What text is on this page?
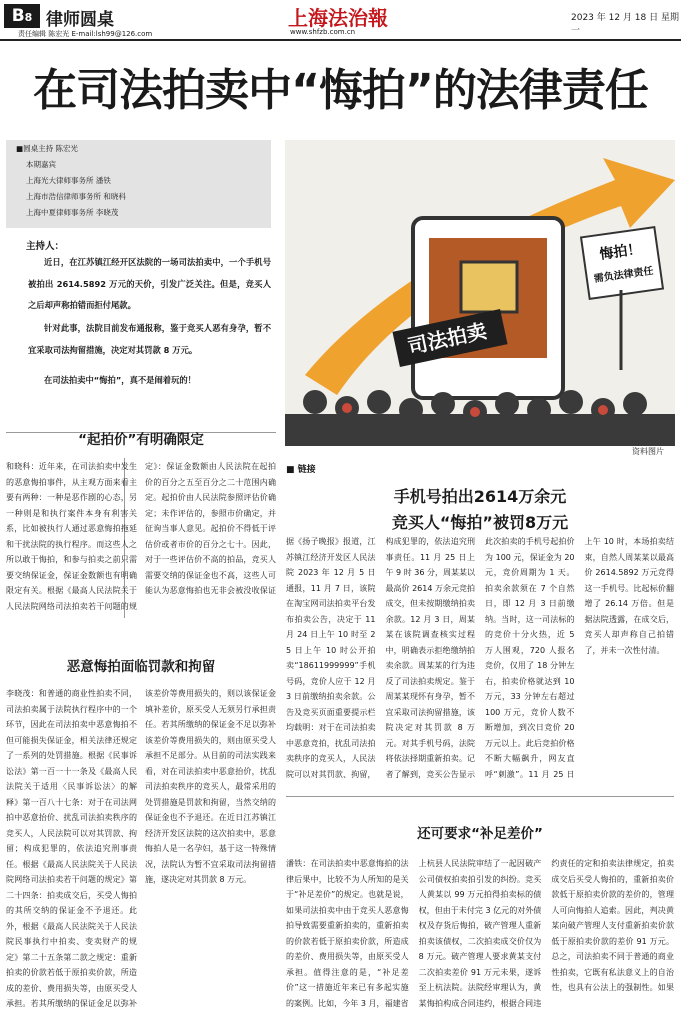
B8 律师圆桌
责任编辑 陈宏光 E-mail:lsh99@126.com
上海法治報
www.shfzb.com.cn
2023 年 12 月 18 日 星期一
在司法拍卖中“悔拍”的法律责任
■圆桌主持 陈宏光
本期嘉宾
上海光大律师事务所 潘铁
上海市浩信律师事务所 和晓科
上海中夏律师事务所 李晓茂
主持人：
近日，在江苏镇江经开区法院的一场司法拍卖中，一个手机号被拍出 2614.5892 万元的天价，引发广泛关注。但是，竞买人之后却声称拍错而拒付尾款。
针对此事，法院目前发布通报称，鉴于竞买人恶有身孕，暂不宜采取司法拘留措施，决定对其罚款 8 万元。
在司法拍卖中“悔拍”，真不是闹着玩的！
司法拍卖
悔拍！
需负法律责任
资料图片
■ 链接
手机号拍出2614万余元
竞买人“悔拍”被罚8万元
据《扬子晚报》报道，江苏镇江经济开发区人民法院 2023 年 12 月 5 日通报，11 月 7 日，该院在淘宝网司法拍卖平台发布拍卖公告，决定于 11 月 24 日上午 10 时至 25 日上午 10 时公开拍卖“18611999999”手机号码，竞价人应于 12 月 3 日前缴纳拍卖余款。公告及竞买页面重要提示栏均载明：对于在司法拍卖中恶意竞拍，扰乱司法拍卖秩序的竞买人，人民法院可以对其罚款、拘留，构成犯罪的，依法追究刑事责任。11 月 25 日上午 9 时 36 分，周某某以最高价 2614 万余元竞拍成交，但未按期缴纳拍卖余款。12 月 3 日，周某某在该院调查核实过程中，明确表示拒绝缴纳拍卖余款。周某某的行为违反了司法拍卖规定。鉴于周某某现怀有身孕，暂不宜采取司法拘留措施，该院决定对其罚款 8 万元。对其手机号码，法院将依法择期重新拍卖。记者了解到，竞买公告显示此次拍卖的手机号起拍价为 100 元，保证金为 20 元，竞价周期为 1 天。拍卖余款须在 7 个自然日，即 12 月 3 日前缴纳。当时，这一司法标的的竞价十分火热，近 5 万人围观，720 人报名竞价，仅用了 18 分钟左右，拍卖价格就达到 10 万元，33 分钟左右超过 100 万元，竞价人数不断增加，到次日竞价 20 万元以上。此后竞拍价格不断大幅飙升，网友直呼“刺激”。11 月 25 日上午 10 时，本场拍卖结束，自然人周某某以最高价 2614.5892 万元竞得这一手机号。比起标价翻增了 26.14 万倍。但是据法院透露，在成交后，竞买人却声称自己拍错了，并未一次性付清。
“起拍价”有明确限定
和晓科：近年来，在司法拍卖中发生的恶意悔拍事件，从主观方面来看主要有两种：一种是恶作剧的心态，另一种则是和执行案件本身有利害关系，比如被执行人通过恶意悔拍拖延和干扰法院的执行程序。而这些人之所以敢于悔拍，和参与拍卖之前只需要交纳保证金，保证金数额也有明确限定有关。根据《最高人民法院关于人民法院网络司法拍卖若干问题的规定》：保证金数额由人民法院在起拍价的百分之五至百分之二十范围内确定。起拍价由人民法院参照评估价确定；未作评估的，参照市价确定，并征询当事人意见。起拍价不得低于评估价或者市价的百分之七十。因此，对于一些评估价不高的拍品，竞买人需要交纳的保证金也不高，这些人可能认为恶意悔拍也无非会被没收保证
恶意悔拍面临罚款和拘留
李晓茂：和普通的商业性拍卖不同，司法拍卖属于法院执行程序中的一个环节，因此在司法拍卖中恶意悔拍不但可能损失保证金，相关法律还规定了一系列的处罚措施。根据《民事诉讼法》第一百一十一条及《最高人民法院关于适用〈民事诉讼法〉的解释》第一百八十七条：对于在司法网拍中恶意抬价、扰乱司法拍卖秩序的竞买人，人民法院可以对其罚款、拘留；构成犯罪的，依法追究刑事责任。根据《最高人民法院关于人民法院网络司法拍卖若干问题的规定》第二十四条：拍卖成交后，买受人悔拍的其所交纳的保证金不予退还。此外，根据《最高人民法院关于人民法院民事执行中拍卖、变卖财产的规定》第二十五条第二款之规定：重新拍卖的价款若低于原拍卖价款，所造成的差价、费用损失等，由原买受人承担。若其所缴纳的保证金足以弥补该差价等费用损失的，则以该保证金填补差价，原买受人无须另行承担责任。若其所缴纳的保证金不足以弥补该差价等费用损失的，则由原买受人承担不足部分。从目前的司法实践来看，对在司法拍卖中恶意抬价，扰乱司法拍卖秩序的竞买人，最常采用的处罚措施是罚款和拘留，当然交纳的保证金也不予退还。在近日江苏镇江经济开发区法院的这次拍卖中，恶意悔拍人是一名孕妇，基于这一特殊情况，法院认为暂不宜采取司法拘留措施，遂决定对其罚款 8 万元。
还可要求“补足差价”
潘铁：在司法拍卖中恶意悔拍的法律后果中，比较不为人所知的是关于“补足差价”的规定。也就是说，如果司法拍卖中由于竞买人恶意悔拍导致需要重新拍卖的，重新拍卖的价款若低于原拍卖价款，所造成的差价、费用损失等，由原买受人承担。值得注意的是，“补足差价”这一措施近年来已有多起实施的案例。比如，今年 3 月，福建省上杭县人民法院审结了一起因破产公司债权拍卖拍引发的纠纷。竞买人黄某以 99 万元拍得拍卖标的债权，但由于未付完 3 亿元的对外债权及存货后悔拍，破产管理人重新拍卖该债权，二次拍卖成交价仅为 8 万元。破产管理人要求黄某支付二次拍卖差价 91 万元未果，遂诉至上杭法院。法院经审理认为，黄某悔拍构成合同违约，根据合同违约责任的定和拍卖法律规定，拍卖成交后买受人悔拍的，重新拍卖价款低于原拍卖价款的差价的，管理人可向悔拍人追索。因此，判决黄某向破产管理人支付重新拍卖价款低于原拍卖价款的差价 91 万元。总之，司法拍卖不同于普通的商业性拍卖，它既有私法意义上的自治性，也具有公法上的强制性。如果
